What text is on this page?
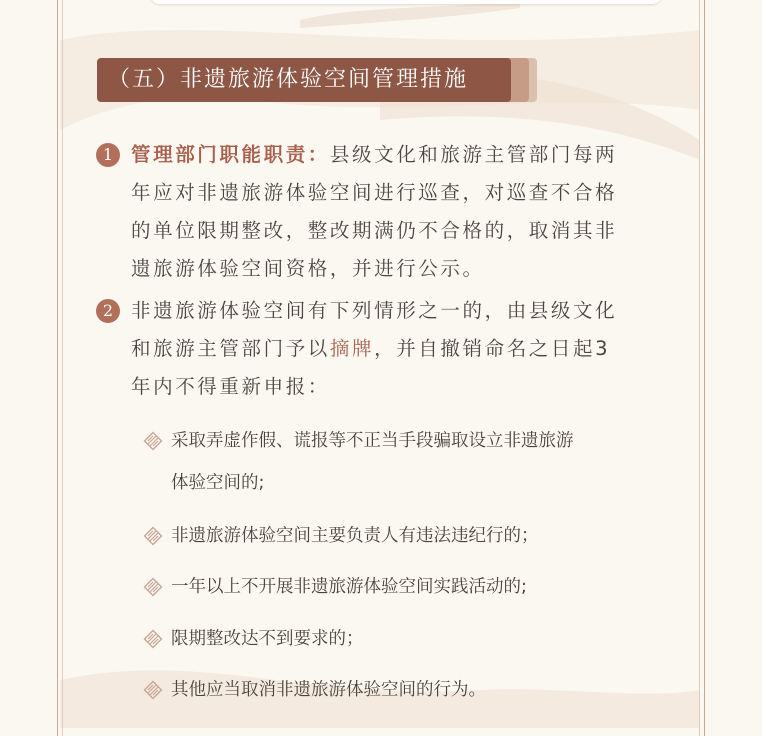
（五）非遗旅游体验空间管理措施
1 管理部门职能职责：县级文化和旅游主管部门每两
年应对非遗旅游体验空间进行巡查，对巡查不合格
的单位限期整改，整改期满仍不合格的，取消其非
遗旅游体验空间资格，并进行公示。
2 非遗旅游体验空间有下列情形之一的，由县级文化
和旅游主管部门予以摘牌，并自撤销命名之日起3
年内不得重新申报：
采取弄虚作假、谎报等不正当手段骗取设立非遗旅游
体验空间的;
非遗旅游体验空间主要负责人有违法违纪行的；
一年以上不开展非遗旅游体验空间实践活动的;
限期整改达不到要求的；
其他应当取消非遗旅游体验空间的行为。
